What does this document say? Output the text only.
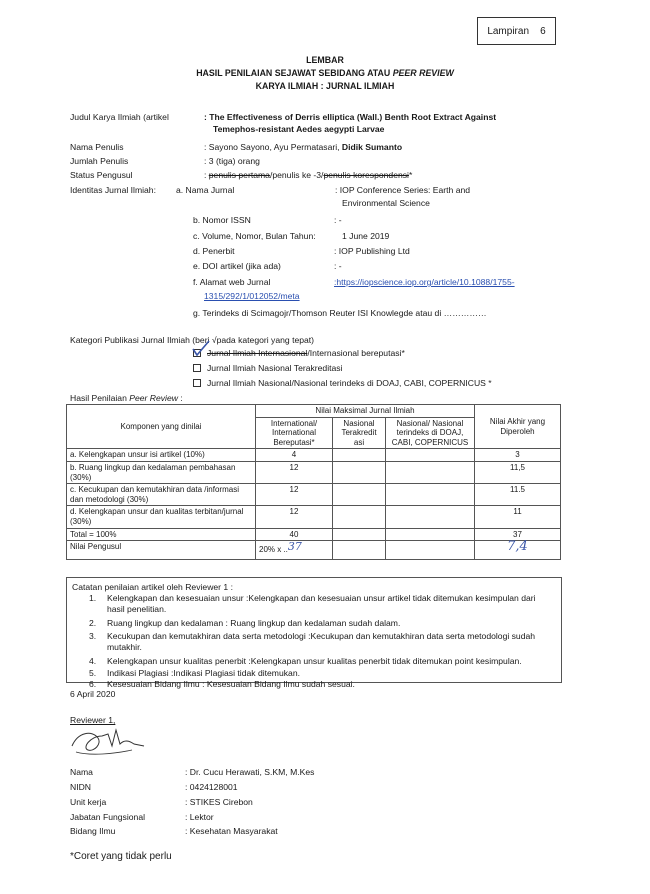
Lampiran    6
LEMBAR
HASIL PENILAIAN SEJAWAT SEBIDANG ATAU PEER REVIEW
KARYA ILMIAH : JURNAL ILMIAH
Judul Karya Ilmiah (artikel	: The Effectiveness of Derris elliptica (Wall.) Benth Root Extract Against
Temephos-resistant Aedes aegypti Larvae
Nama Penulis	: Sayono Sayono, Ayu Permatasari, Didik Sumanto
Jumlah Penulis	: 3 (tiga) orang
Status Pengusul	: penulis pertama/penulis ke -3/penulis korespondensi*
Identitas Jurnal Ilmiah: a. Nama Jurnal	: IOP Conference Series: Earth and
Environmental Science
b. Nomor ISSN	: -
c. Volume, Nomor, Bulan Tahun:	1 June 2019
d. Penerbit	: IOP Publishing Ltd
e. DOI artikel (jika ada)	: -
f. Alamat web Jurnal	:https://iopscience.iop.org/article/10.1088/1755-
1315/292/1/012052/meta
g. Terindeks di Scimagojr/Thomson Reuter ISI Knowlegde atau di ……………
Kategori Publikasi Jurnal Ilmiah (beri √pada kategori yang tepat)
Jurnal Ilmiah Internasional/Internasional bereputasi*
Jurnal Ilmiah Nasional Terakreditasi
Jurnal Ilmiah Nasional/Nasional terindeks di DOAJ, CABI, COPERNICUS *
Hasil Penilaian Peer Review :
Komponen yang dinilai	Nilai Maksimal Jurnal Ilmiah			Nilai Akhir yang Diperoleh
	International/ International Bereputasi*	Nasional Terakredit asi	Nasional/ Nasional terindeks di DOAJ, CABI, COPERNICUS	
a. Kelengkapan unsur isi artikel (10%)	4			3
b. Ruang lingkup dan kedalaman pembahasan (30%)	12			11,5
c. Kecukupan dan kemutakhiran data /informasi dan metodologi (30%)	12			11.5
d. Kelengkapan unsur dan kualitas terbitan/jurnal (30%)	12			11
Total = 100%	40			37
Nilai Pengusul	20% x ..37			7,4
Catatan penilaian artikel oleh Reviewer 1 :
1. Kelengkapan dan kesesuaian unsur :Kelengkapan dan kesesuaian unsur artikel tidak ditemukan kesimpulan dari
hasil penelitian.
2. Ruang lingkup dan kedalaman : Ruang lingkup dan kedalaman sudah dalam.
3. Kecukupan dan kemutakhiran data serta metodologi :Kecukupan dan kemutakhiran data serta metodologi sudah
mutakhir.
4. Kelengkapan unsur kualitas penerbit :Kelengkapan unsur kualitas penerbit tidak ditemukan point kesimpulan.
5. Indikasi Plagiasi :Indikasi Plagiasi tidak ditemukan.
6. Kesesuaian Bidang Ilmu : Kesesuaian Bidang Ilmu sudah sesuai.
6 April 2020
Reviewer 1,
Nama	: Dr. Cucu Herawati, S.KM, M.Kes
NIDN	: 0424128001
Unit kerja	: STIKES Cirebon
Jabatan Fungsional	: Lektor
Bidang Ilmu	: Kesehatan Masyarakat
*Coret yang tidak perlu
